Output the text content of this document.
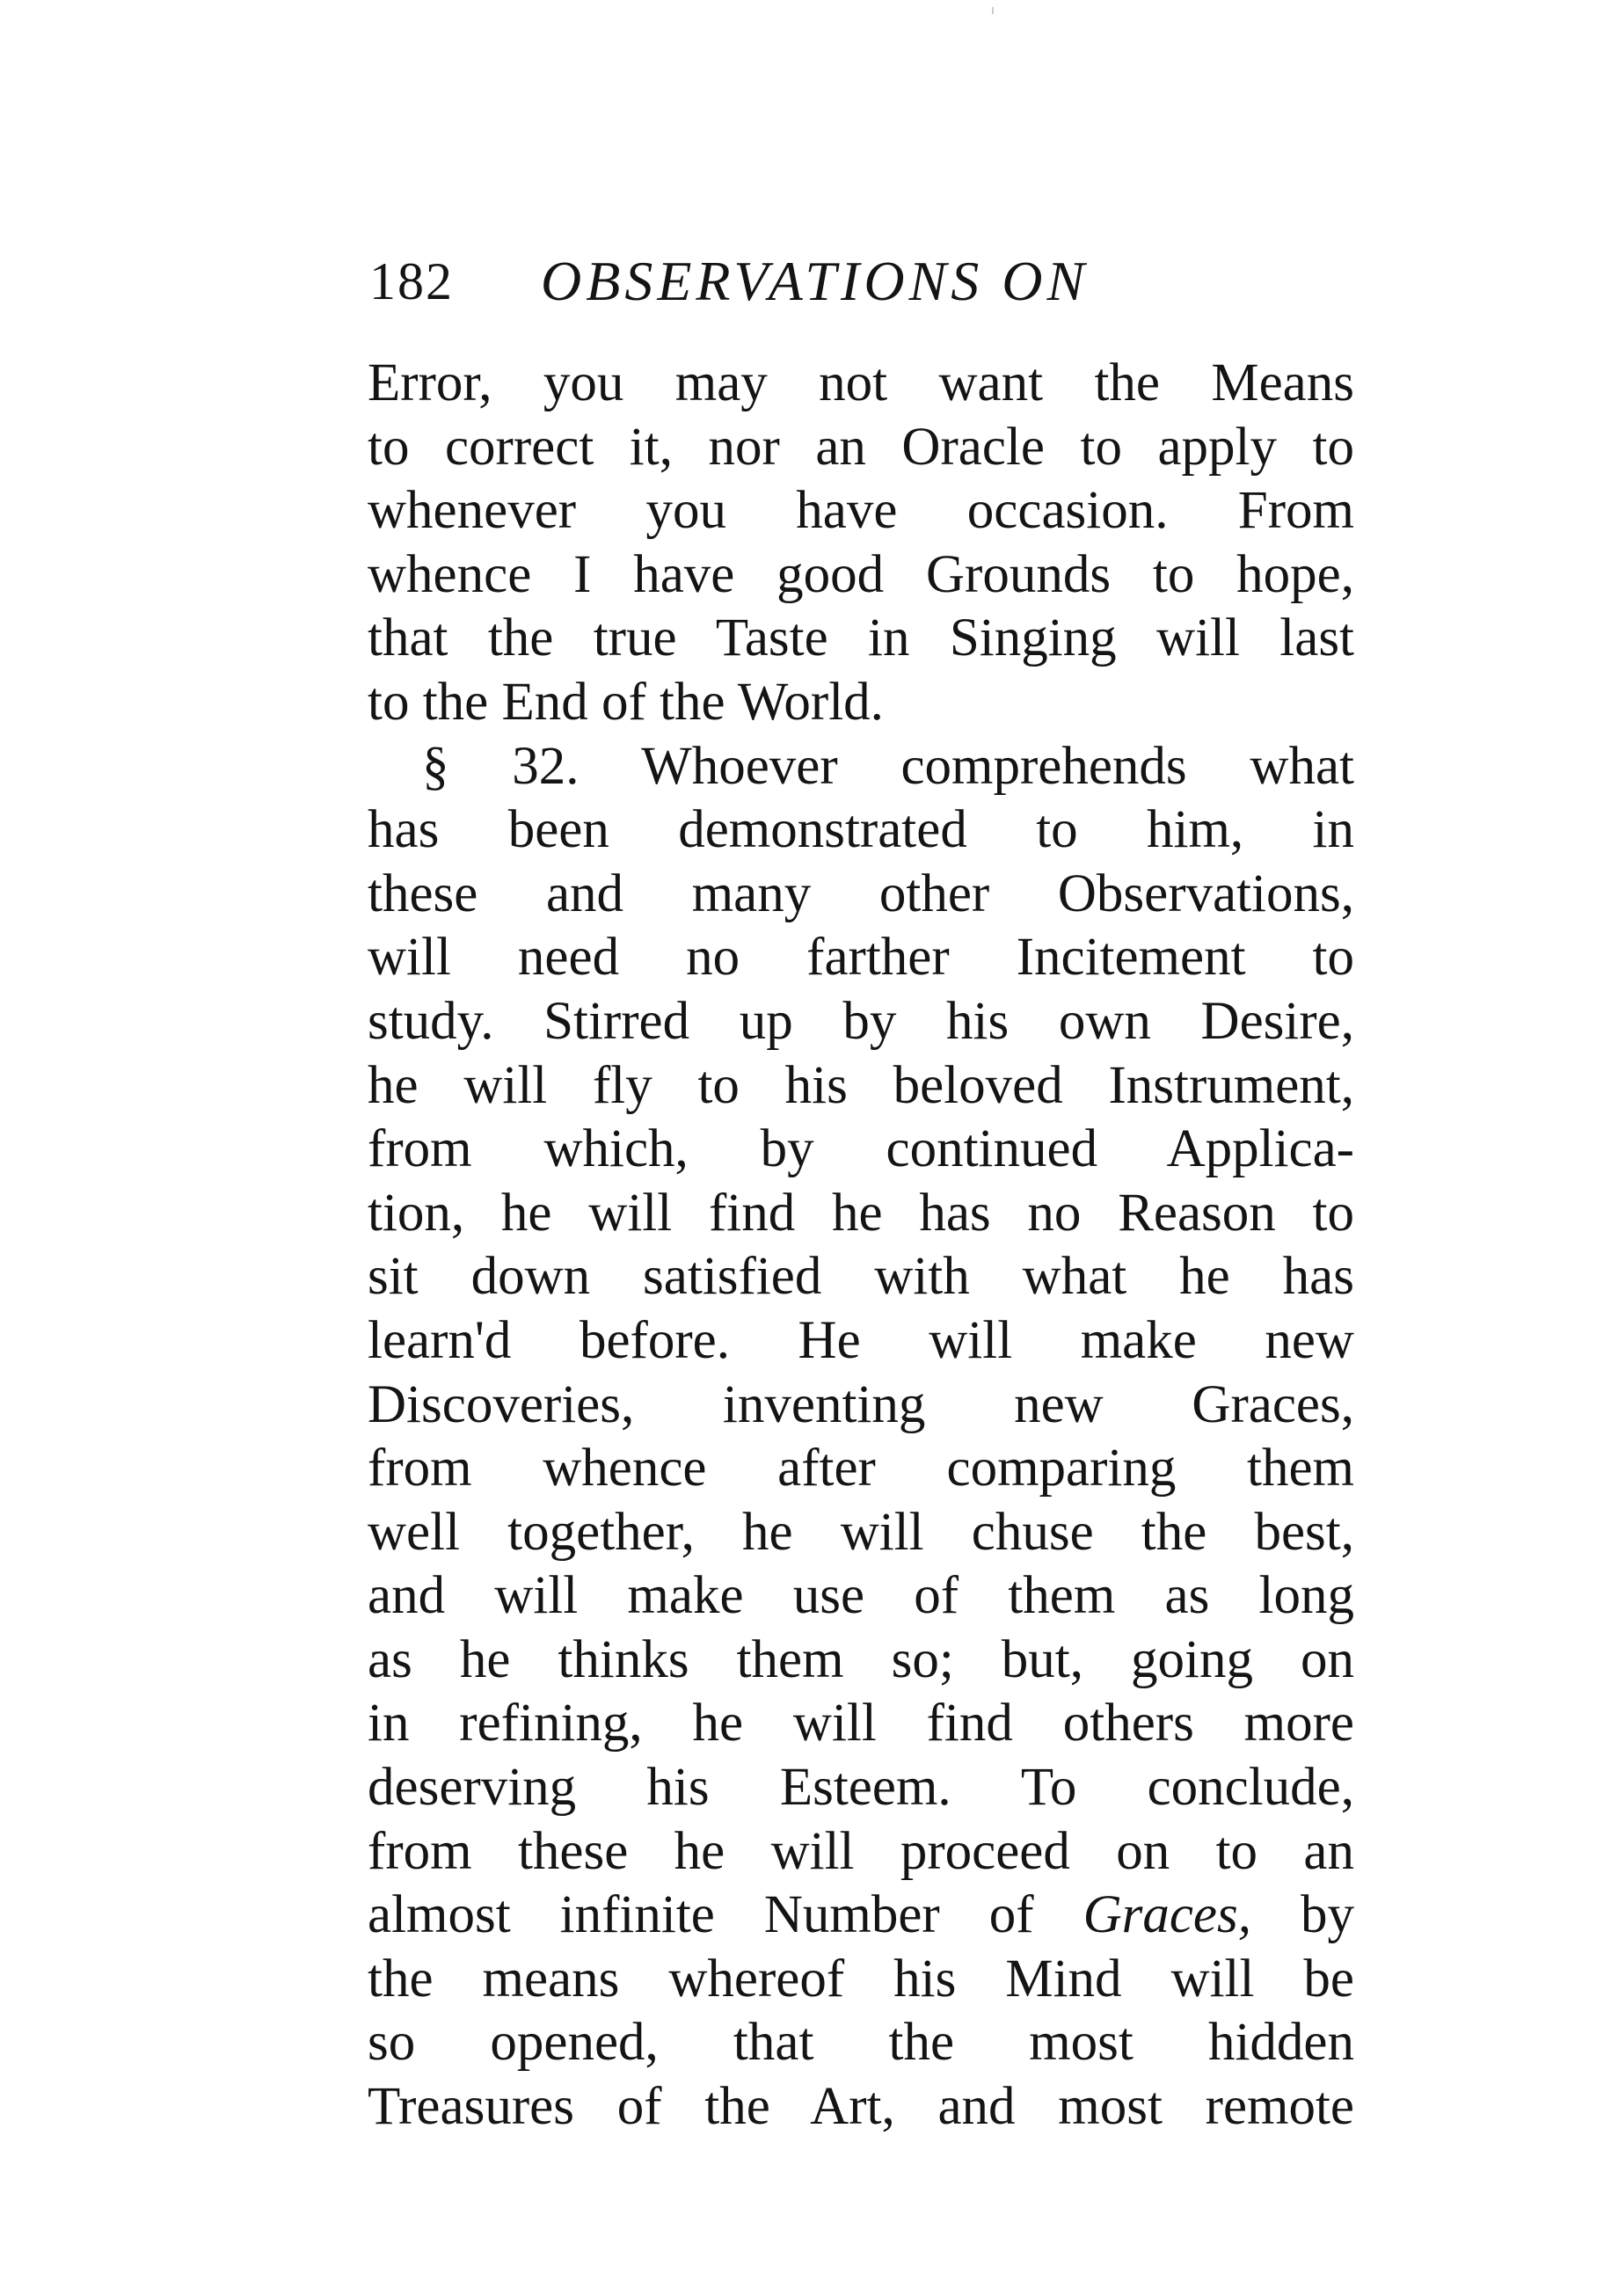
182 OBSERVATIONS ON
Error, you may not want the Means
to correct it, nor an Oracle to apply to
whenever you have occasion. From
whence I have good Grounds to hope,
that the true Taste in Singing will last
to the End of the World.
§ 32. Whoever comprehends what
has been demonstrated to him, in
these and many other Observations,
will need no farther Incitement to
study. Stirred up by his own Desire,
he will fly to his beloved Instrument,
from which, by continued Applica-
tion, he will find he has no Reason to
sit down satisfied with what he has
learn'd before. He will make new
Discoveries, inventing new Graces,
from whence after comparing them
well together, he will chuse the best,
and will make use of them as long
as he thinks them so; but, going on
in refining, he will find others more
deserving his Esteem. To conclude,
from these he will proceed on to an
almost infinite Number of Graces, by
the means whereof his Mind will be
so opened, that the most hidden
Treasures of the Art, and most remote
